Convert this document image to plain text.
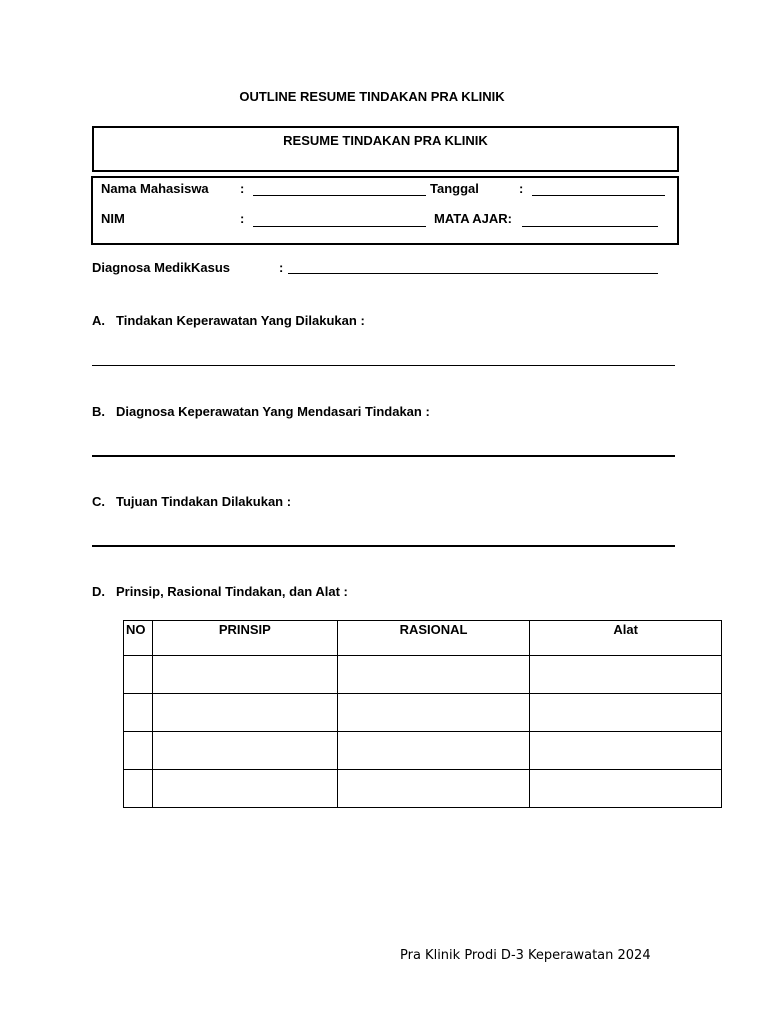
OUTLINE RESUME TINDAKAN PRA KLINIK
RESUME TINDAKAN PRA KLINIK
Nama Mahasiswa :	Tanggal	:
NIM	:	MATA AJAR:
Diagnosa MedikKasus	:
A. Tindakan Keperawatan Yang Dilakukan :
B. Diagnosa Keperawatan Yang Mendasari Tindakan :
C. Tujuan Tindakan Dilakukan :
D. Prinsip, Rasional Tindakan, dan Alat :
NO	PRINSIP	RASIONAL	Alat

Pra Klinik Prodi D-3 Keperawatan 2024
